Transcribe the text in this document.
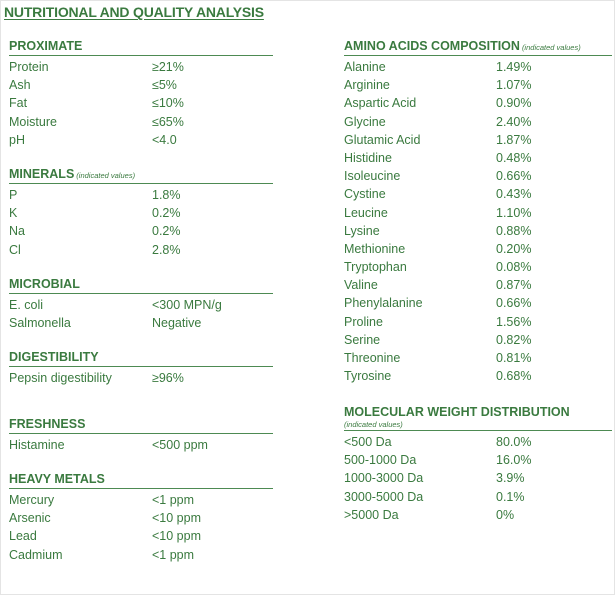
NUTRITIONAL AND QUALITY ANALYSIS
PROXIMATE
Protein	≥21%
Ash	≤5%
Fat	≤10%
Moisture	≤65%
pH	<4.0
MINERALS (indicated values)
P	1.8%
K	0.2%
Na	0.2%
Cl	2.8%
MICROBIAL
E. coli	<300 MPN/g
Salmonella	Negative
DIGESTIBILITY
Pepsin digestibility	≥96%
FRESHNESS
Histamine	<500 ppm
HEAVY METALS
Mercury	<1 ppm
Arsenic	<10 ppm
Lead	<10 ppm
Cadmium	<1 ppm
AMINO ACIDS COMPOSITION (indicated values)
Alanine	1.49%
Arginine	1.07%
Aspartic Acid	0.90%
Glycine	2.40%
Glutamic Acid	1.87%
Histidine	0.48%
Isoleucine	0.66%
Cystine	0.43%
Leucine	1.10%
Lysine	0.88%
Methionine	0.20%
Tryptophan	0.08%
Valine	0.87%
Phenylalanine	0.66%
Proline	1.56%
Serine	0.82%
Threonine	0.81%
Tyrosine	0.68%
MOLECULAR WEIGHT DISTRIBUTION
(indicated values)
<500 Da	80.0%
500-1000 Da	16.0%
1000-3000 Da	3.9%
3000-5000 Da	0.1%
>5000 Da	0%
